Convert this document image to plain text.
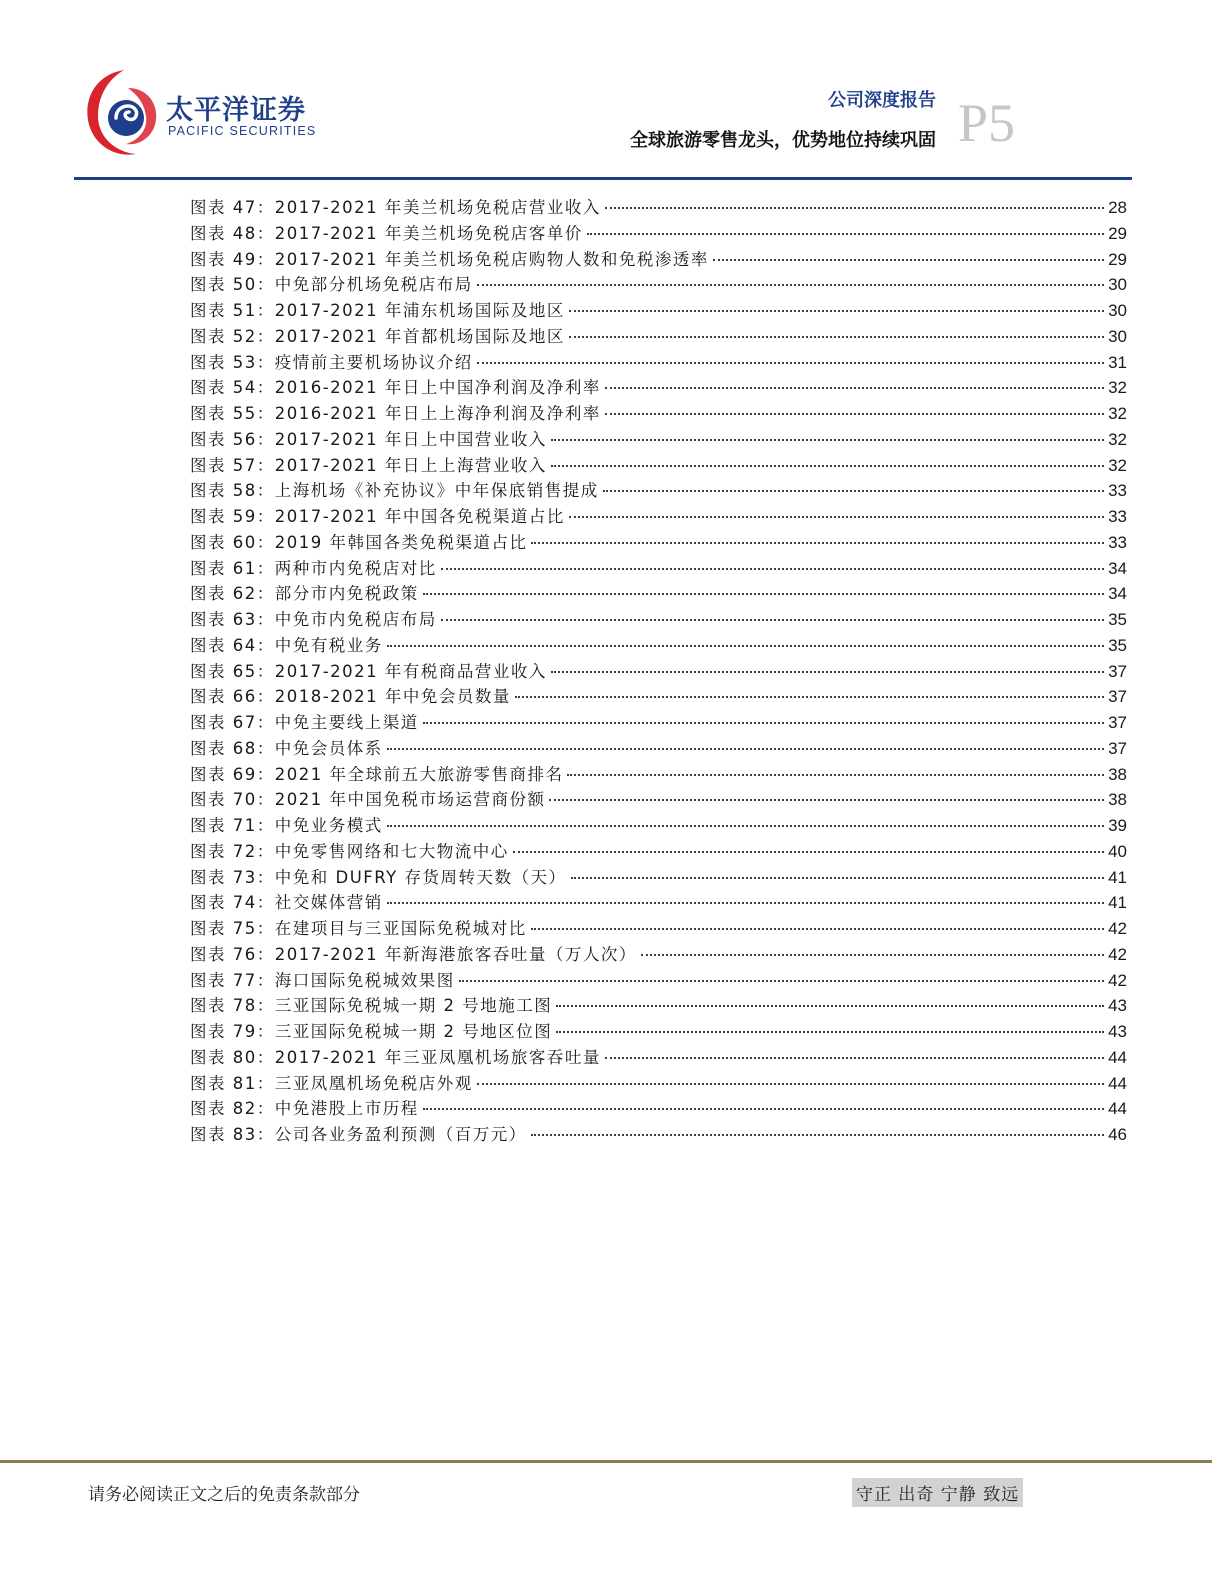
太平洋证券
PACIFIC SECURITIES
公司深度报告
全球旅游零售龙头，优势地位持续巩固 P5
图表 47：2017-2021 年美兰机场免税店营业收入	28
图表 48：2017-2021 年美兰机场免税店客单价	29
图表 49：2017-2021 年美兰机场免税店购物人数和免税渗透率	29
图表 50：中免部分机场免税店布局	30
图表 51：2017-2021 年浦东机场国际及地区	30
图表 52：2017-2021 年首都机场国际及地区	30
图表 53：疫情前主要机场协议介绍	31
图表 54：2016-2021 年日上中国净利润及净利率	32
图表 55：2016-2021 年日上上海净利润及净利率	32
图表 56：2017-2021 年日上中国营业收入	32
图表 57：2017-2021 年日上上海营业收入	32
图表 58：上海机场《补充协议》中年保底销售提成	33
图表 59：2017-2021 年中国各免税渠道占比	33
图表 60：2019 年韩国各类免税渠道占比	33
图表 61：两种市内免税店对比	34
图表 62：部分市内免税政策	34
图表 63：中免市内免税店布局	35
图表 64：中免有税业务	35
图表 65：2017-2021 年有税商品营业收入	37
图表 66：2018-2021 年中免会员数量	37
图表 67：中免主要线上渠道	37
图表 68：中免会员体系	37
图表 69：2021 年全球前五大旅游零售商排名	38
图表 70：2021 年中国免税市场运营商份额	38
图表 71：中免业务模式	39
图表 72：中免零售网络和七大物流中心	40
图表 73：中免和 DUFRY 存货周转天数（天）	41
图表 74：社交媒体营销	41
图表 75：在建项目与三亚国际免税城对比	42
图表 76：2017-2021 年新海港旅客吞吐量（万人次）	42
图表 77：海口国际免税城效果图	42
图表 78：三亚国际免税城一期 2 号地施工图	43
图表 79：三亚国际免税城一期 2 号地区位图	43
图表 80：2017-2021 年三亚凤凰机场旅客吞吐量	44
图表 81：三亚凤凰机场免税店外观	44
图表 82：中免港股上市历程	44
图表 83：公司各业务盈利预测（百万元）	46
请务必阅读正文之后的免责条款部分	守正 出奇 宁静 致远
